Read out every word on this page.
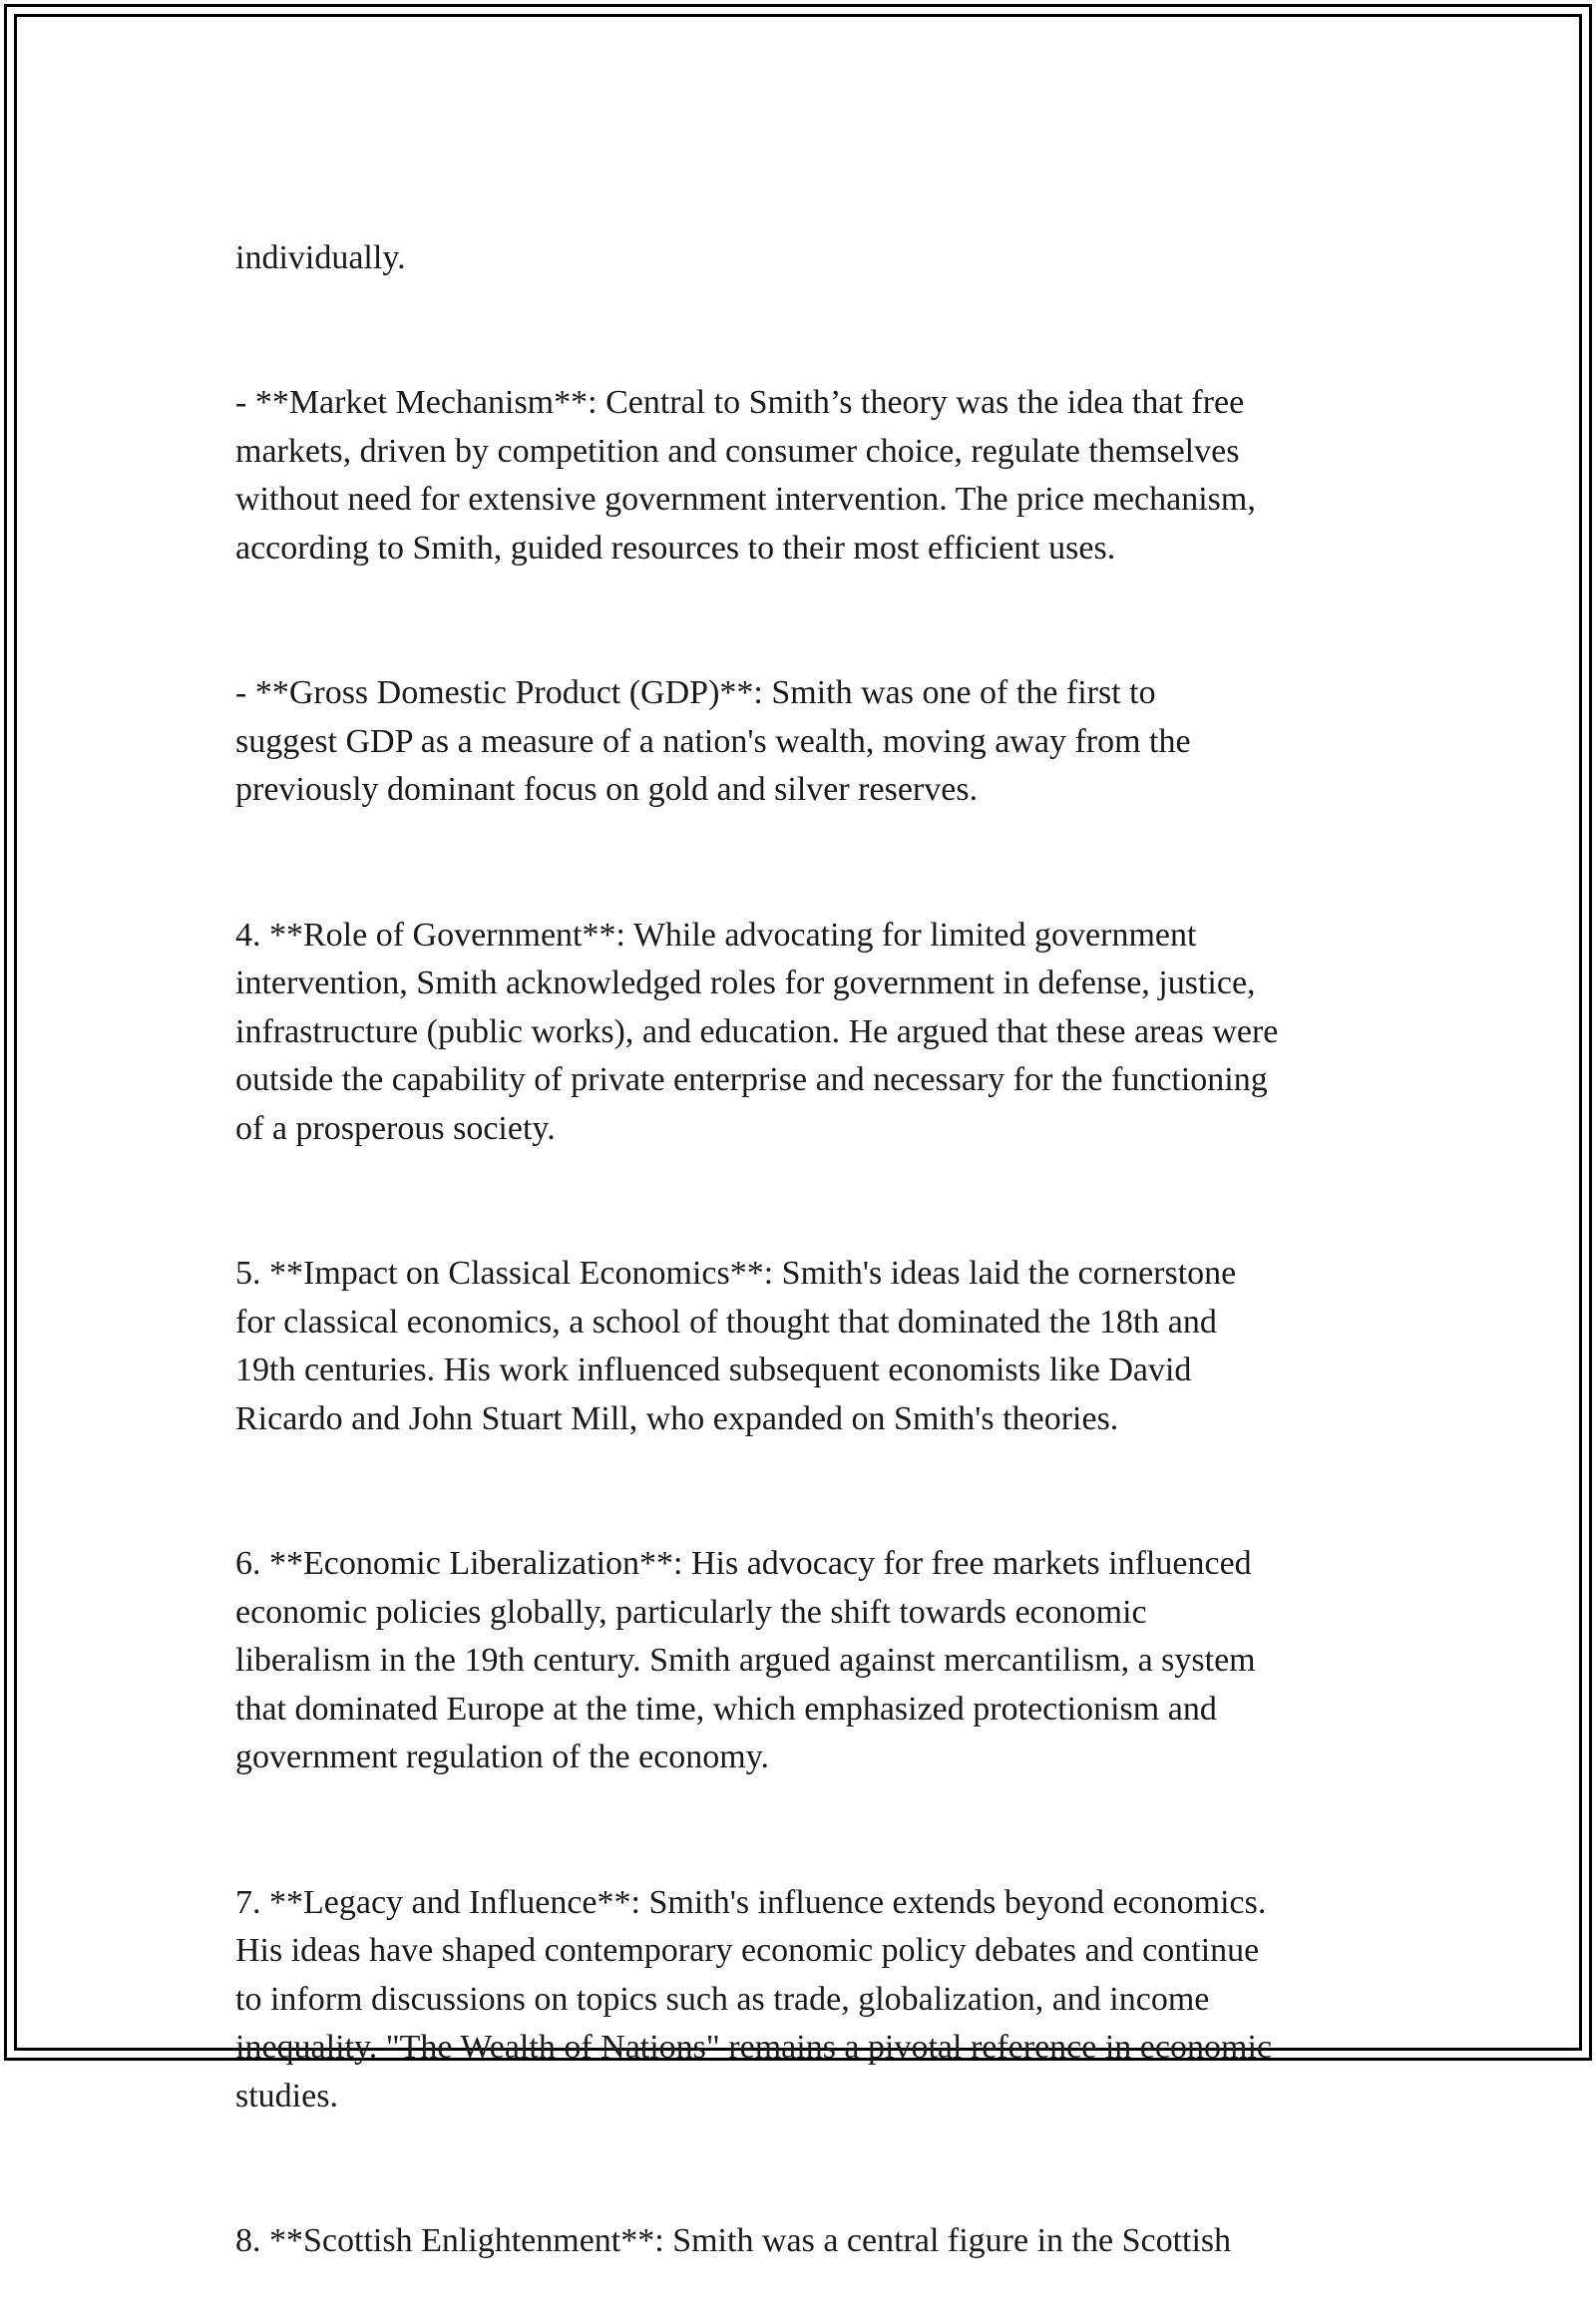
individually.

- **Market Mechanism**: Central to Smith’s theory was the idea that free
markets, driven by competition and consumer choice, regulate themselves
without need for extensive government intervention. The price mechanism,
according to Smith, guided resources to their most efficient uses.

- **Gross Domestic Product (GDP)**: Smith was one of the first to
suggest GDP as a measure of a nation's wealth, moving away from the
previously dominant focus on gold and silver reserves.

4. **Role of Government**: While advocating for limited government
intervention, Smith acknowledged roles for government in defense, justice,
infrastructure (public works), and education. He argued that these areas were
outside the capability of private enterprise and necessary for the functioning
of a prosperous society.

5. **Impact on Classical Economics**: Smith's ideas laid the cornerstone
for classical economics, a school of thought that dominated the 18th and
19th centuries. His work influenced subsequent economists like David
Ricardo and John Stuart Mill, who expanded on Smith's theories.

6. **Economic Liberalization**: His advocacy for free markets influenced
economic policies globally, particularly the shift towards economic
liberalism in the 19th century. Smith argued against mercantilism, a system
that dominated Europe at the time, which emphasized protectionism and
government regulation of the economy.

7. **Legacy and Influence**: Smith's influence extends beyond economics.
His ideas have shaped contemporary economic policy debates and continue
to inform discussions on topics such as trade, globalization, and income
inequality. "The Wealth of Nations" remains a pivotal reference in economic
studies.

8. **Scottish Enlightenment**: Smith was a central figure in the Scottish
